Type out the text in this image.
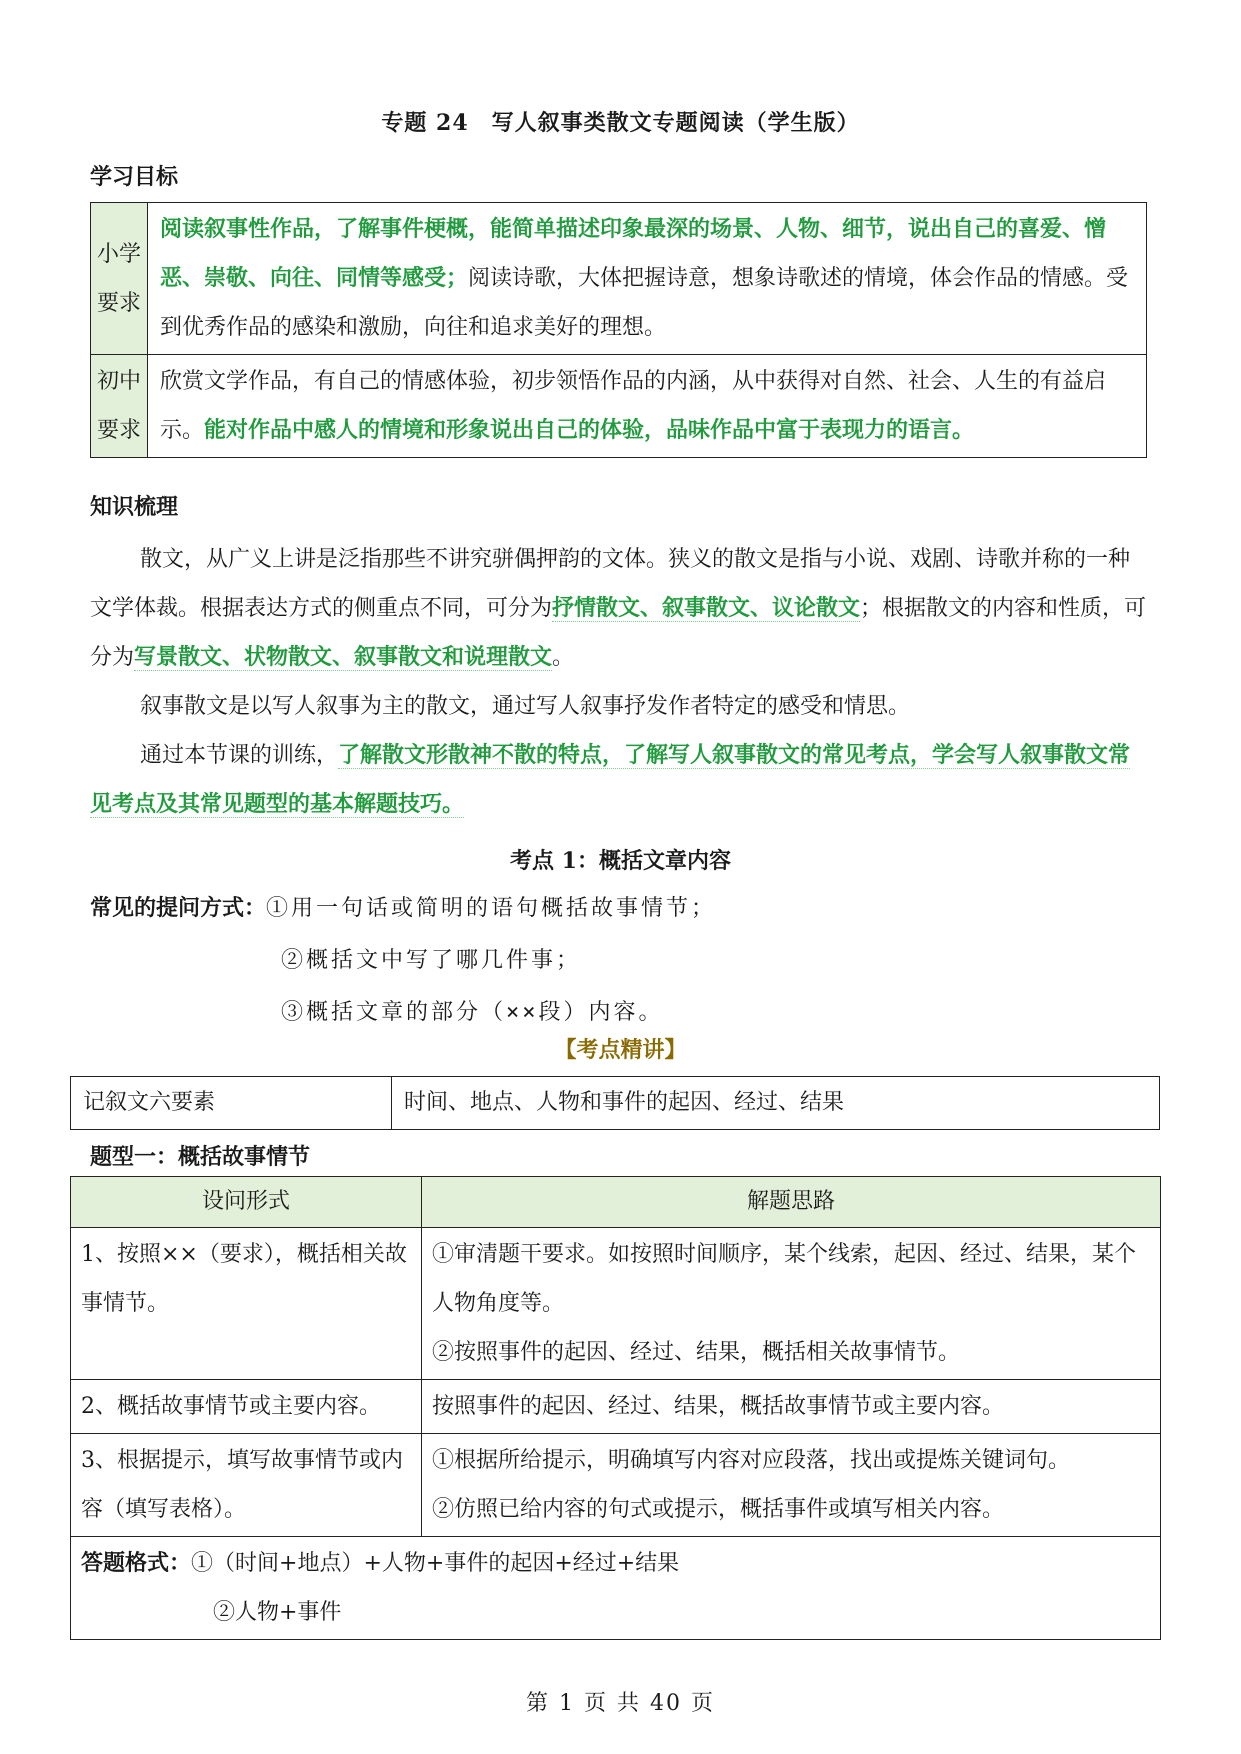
专题 24　写人叙事类散文专题阅读（学生版）
学习目标
小学
要求	阅读叙事性作品，了解事件梗概，能简单描述印象最深的场景、人物、细节，说出自己的喜爱、憎恶、崇敬、向往、同情等感受；阅读诗歌，大体把握诗意，想象诗歌述的情境，体会作品的情感。受到优秀作品的感染和激励，向往和追求美好的理想。

初中
要求	欣赏文学作品，有自己的情感体验，初步领悟作品的内涵，从中获得对自然、社会、人生的有益启示。能对作品中感人的情境和形象说出自己的体验，品味作品中富于表现力的语言。
知识梳理
散文，从广义上讲是泛指那些不讲究骈偶押韵的文体。狭义的散文是指与小说、戏剧、诗歌并称的一种文学体裁。根据表达方式的侧重点不同，可分为抒情散文、叙事散文、议论散文；根据散文的内容和性质，可分为写景散文、状物散文、叙事散文和说理散文。
叙事散文是以写人叙事为主的散文，通过写人叙事抒发作者特定的感受和情思。
通过本节课的训练，了解散文形散神不散的特点，了解写人叙事散文的常见考点，学会写人叙事散文常见考点及其常见题型的基本解题技巧。
考点 1：概括文章内容
常见的提问方式：①用一句话或简明的语句概括故事情节；
②概括文中写了哪几件事；
③概括文章的部分（××段）内容。
【考点精讲】
记叙文六要素	时间、地点、人物和事件的起因、经过、结果
题型一：概括故事情节
设问形式	解题思路
1、按照××（要求），概括相关故事情节。	①审清题干要求。如按照时间顺序，某个线索，起因、经过、结果，某个人物角度等。
②按照事件的起因、经过、结果，概括相关故事情节。

2、概括故事情节或主要内容。	按照事件的起因、经过、结果，概括故事情节或主要内容。
3、根据提示，填写故事情节或内容（填写表格）。	①根据所给提示，明确填写内容对应段落，找出或提炼关键词句。
②仿照已给内容的句式或提示，概括事件或填写相关内容。

答题格式：①（时间+地点）+人物+事件的起因+经过+结果
②人物+事件	
第 1 页 共 40 页
